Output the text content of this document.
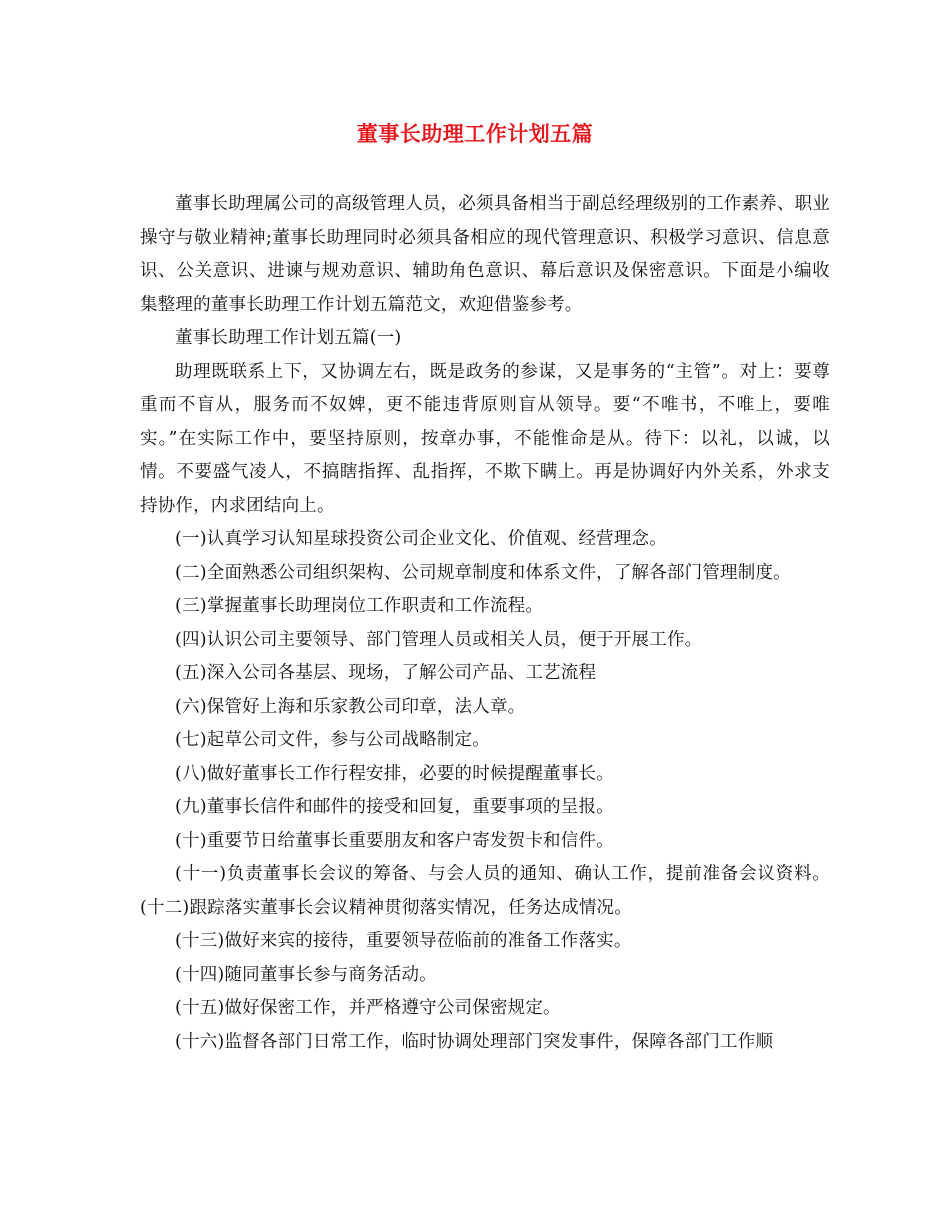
董事长助理工作计划五篇

董事长助理属公司的高级管理人员，必须具备相当于副总经理级别的工作素养、职业操守与敬业精神;董事长助理同时必须具备相应的现代管理意识、积极学习意识、信息意识、公关意识、进谏与规劝意识、辅助角色意识、幕后意识及保密意识。下面是小编收集整理的董事长助理工作计划五篇范文，欢迎借鉴参考。

董事长助理工作计划五篇(一)

助理既联系上下，又协调左右，既是政务的参谋，又是事务的“主管”。对上：要尊重而不盲从，服务而不奴婢，更不能违背原则盲从领导。要“不唯书，不唯上，要唯实。”在实际工作中，要坚持原则，按章办事，不能惟命是从。待下：以礼，以诚，以情。不要盛气凌人，不搞瞎指挥、乱指挥，不欺下瞒上。再是协调好内外关系，外求支持协作，内求团结向上。

(一)认真学习认知星球投资公司企业文化、价值观、经营理念。

(二)全面熟悉公司组织架构、公司规章制度和体系文件，了解各部门管理制度。

(三)掌握董事长助理岗位工作职责和工作流程。

(四)认识公司主要领导、部门管理人员或相关人员，便于开展工作。

(五)深入公司各基层、现场，了解公司产品、工艺流程

(六)保管好上海和乐家教公司印章，法人章。

(七)起草公司文件，参与公司战略制定。

(八)做好董事长工作行程安排，必要的时候提醒董事长。

(九)董事长信件和邮件的接受和回复，重要事项的呈报。

(十)重要节日给董事长重要朋友和客户寄发贺卡和信件。

(十一)负责董事长会议的筹备、与会人员的通知、确认工作，提前准备会议资料。(十二)跟踪落实董事长会议精神贯彻落实情况，任务达成情况。

(十三)做好来宾的接待，重要领导莅临前的准备工作落实。

(十四)随同董事长参与商务活动。

(十五)做好保密工作，并严格遵守公司保密规定。

(十六)监督各部门日常工作，临时协调处理部门突发事件，保障各部门工作顺
